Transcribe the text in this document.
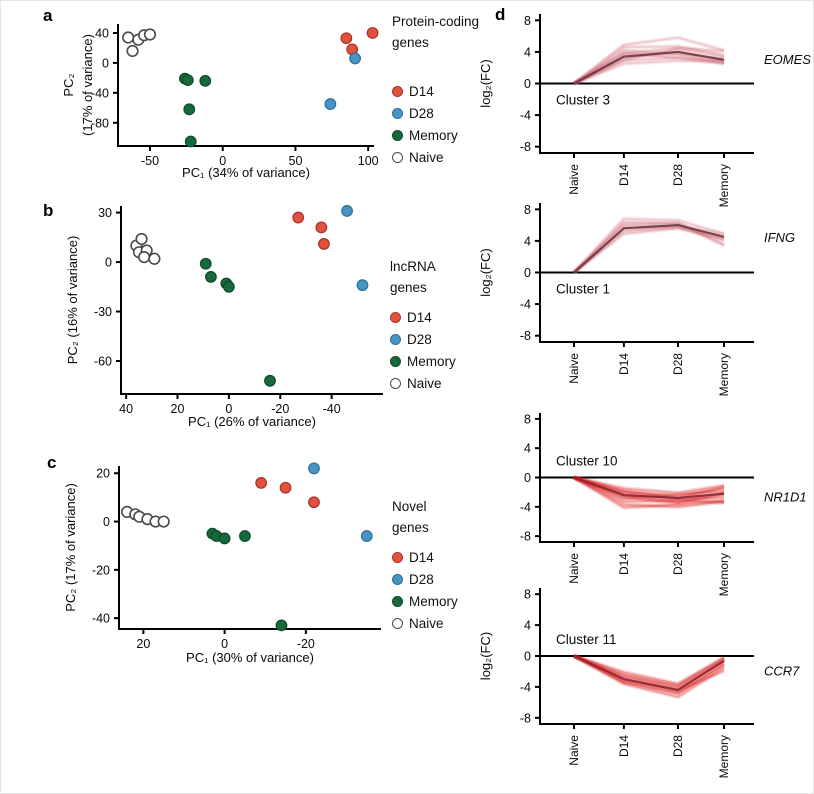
a
b
c
d
-50	0	50	100
40
0
-40
-80
PC₁ (34% of variance)
PC₂ (17% of variance)
40	20	0	-20	-40
30
0
-30
-60
PC₁ (26% of variance)
PC₂ (16% of variance)
20	0	-20
20
0
-20
-40
PC₁ (30% of variance)
PC₂ (17% of variance)
8
4
0
-4
-8
Naive	D14	D28	Memory
Cluster 3
EOMES
log₂(FC)
8
4
0
-4
-8
Naive	D14	D28	Memory
Cluster 1
IFNG
log₂(FC)
8
4
0
-4
-8
Naive	D14	D28	Memory
Cluster 10
NR1D1
8
4
0
-4
-8
Naive	D14	D28	Memory
Cluster 11
CCR7
log₂(FC)
Protein-coding
genes
D14
D28
Memory
Naive
lncRNA
genes
D14
D28
Memory
Naive
Novel
genes
D14
D28
Memory
Naive
